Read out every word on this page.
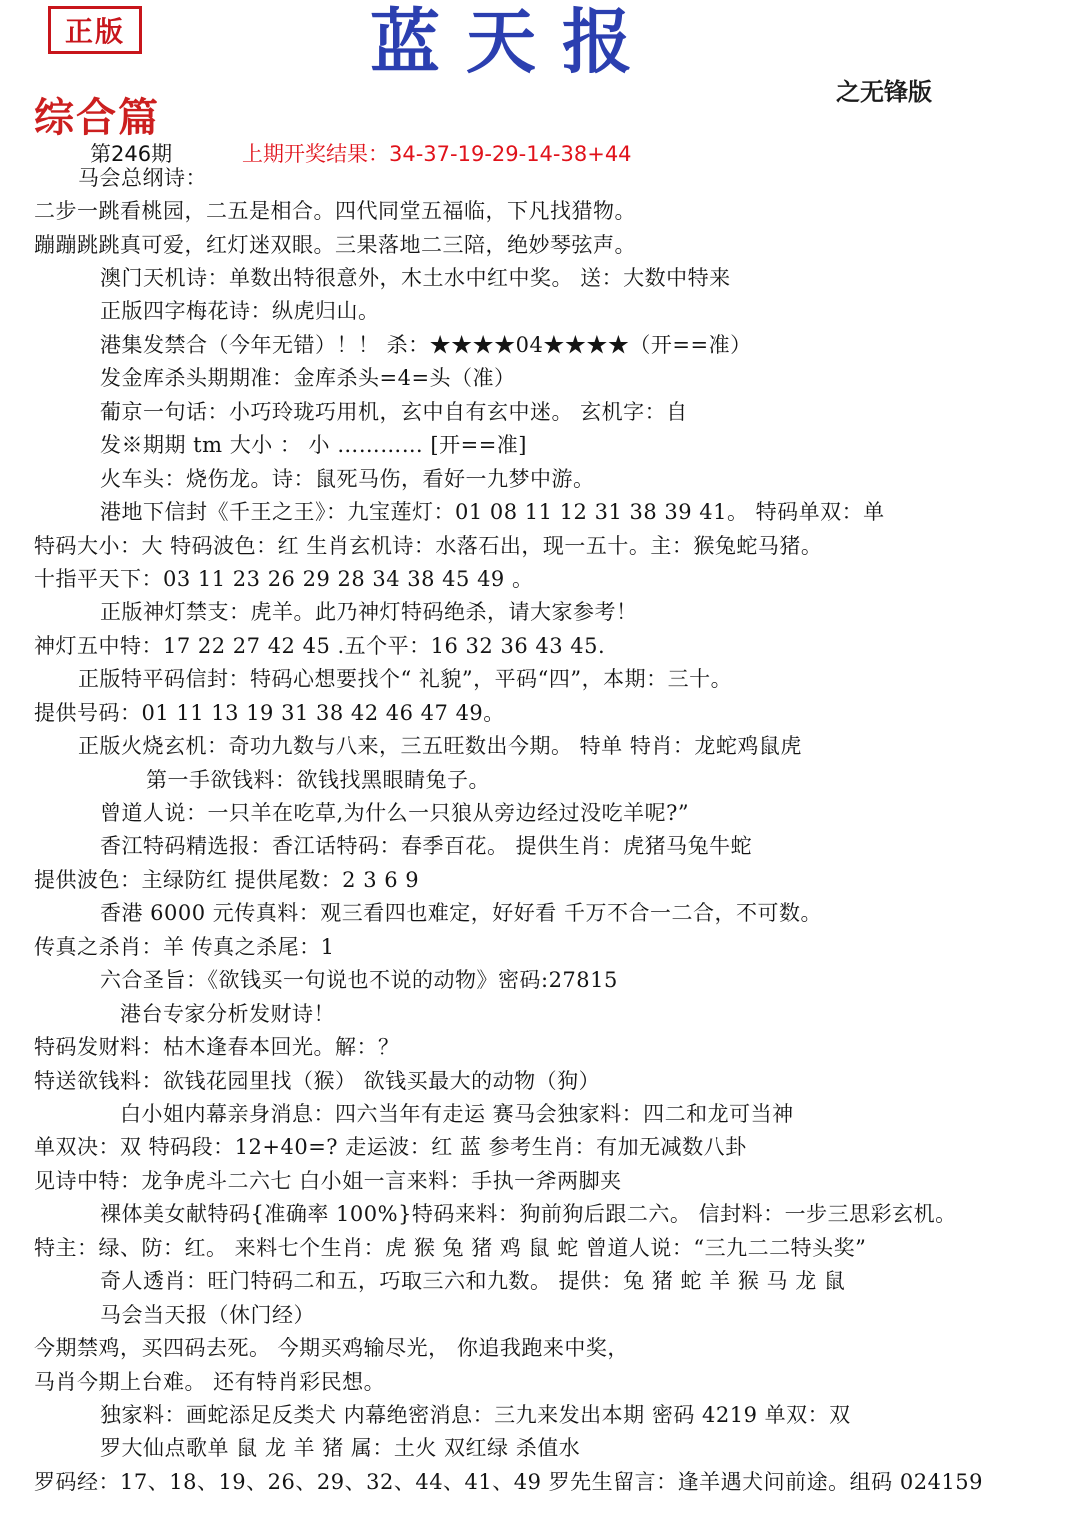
正版	蓝天报
之无锋版
综合篇
第246期	上期开奖结果：34-37-19-29-14-38+44
马会总纲诗：
二步一跳看桃园，二五是相合。四代同堂五福临，下凡找猎物。
蹦蹦跳跳真可爱，红灯迷双眼。三果落地二三陪，绝妙琴弦声。
澳门天机诗：单数出特很意外，木土水中红中奖。 送：大数中特来
正版四字梅花诗：纵虎归山。
港集发禁合（今年无错）！！ 杀：★★★★04★★★★（开==准）
发金库杀头期期准：金库杀头=4=头（准）
葡京一句话：小巧玲珑巧用机，玄中自有玄中迷。 玄机字：自
发※期期 tm 大小 ： 小 ………… [开==准]
火车头：烧伤龙。诗：鼠死马伤，看好一九梦中游。
港地下信封《千王之王》：九宝莲灯：01 08 11 12 31 38 39 41。 特码单双：单
特码大小：大 特码波色：红 生肖玄机诗：水落石出，现一五十。主：猴兔蛇马猪。
十指平天下：03 11 23 26 29 28 34 38 45 49 。
正版神灯禁支：虎羊。此乃神灯特码绝杀，请大家参考！
神灯五中特：17 22 27 42 45 .五个平：16 32 36 43 45.
正版特平码信封：特码心想要找个“ 礼貌”，平码“四”，本期：三十。
提供号码：01 11 13 19 31 38 42 46 47 49。
正版火烧玄机：奇功九数与八来，三五旺数出今期。 特单 特肖：龙蛇鸡鼠虎
第一手欲钱料：欲钱找黑眼睛兔子。
曾道人说：一只羊在吃草,为什么一只狼从旁边经过没吃羊呢?”
香江特码精选报：香江话特码：春季百花。 提供生肖：虎猪马兔牛蛇
提供波色：主绿防红 提供尾数：2 3 6 9
香港 6000 元传真料：观三看四也难定，好好看 千万不合一二合，不可数。
传真之杀肖：羊 传真之杀尾：1
六合圣旨：《欲钱买一句说也不说的动物》密码:27815
港台专家分析发财诗！
特码发财料：枯木逢春本回光。解：？
特送欲钱料：欲钱花园里找（猴） 欲钱买最大的动物（狗）
白小姐内幕亲身消息：四六当年有走运 赛马会独家料：四二和龙可当神
单双决：双 特码段：12+40=? 走运波：红 蓝 参考生肖：有加无减数八卦
见诗中特：龙争虎斗二六七 白小姐一言来料：手执一斧两脚夹
裸体美女献特码{准确率 100%}特码来料：狗前狗后跟二六。 信封料：一步三思彩玄机。
特主：绿、防：红。 来料七个生肖：虎 猴 兔 猪 鸡 鼠 蛇 曾道人说：“三九二二特头奖”
奇人透肖：旺门特码二和五，巧取三六和九数。 提供：兔 猪 蛇 羊 猴 马 龙 鼠
马会当天报（休门经）
今期禁鸡，买四码去死。 今期买鸡输尽光， 你追我跑来中奖，
马肖今期上台难。 还有特肖彩民想。
独家料：画蛇添足反类犬 内幕绝密消息：三九来发出本期 密码 4219 单双：双
罗大仙点歌单 鼠 龙 羊 猪 属：土火 双红绿 杀值水
罗码经：17、18、19、26、29、32、44、41、49 罗先生留言：逢羊遇犬问前途。组码 024159
